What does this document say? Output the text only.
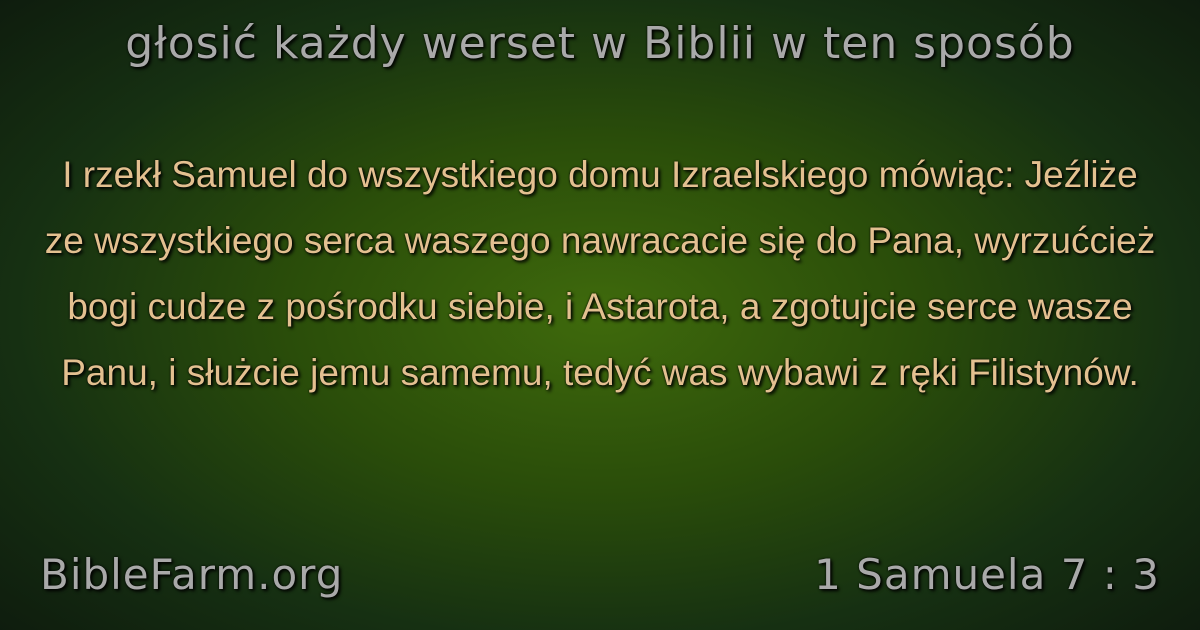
głosić każdy werset w Biblii w ten sposób
I rzekł Samuel do wszystkiego domu Izraelskiego mówiąc: Jeźliże ze wszystkiego serca waszego nawracacie się do Pana, wyrzućcież bogi cudze z pośrodku siebie, i Astarota, a zgotujcie serce wasze Panu, i służcie jemu samemu, tedyć was wybawi z ręki Filistynów.
BibleFarm.org	1 Samuela 7 : 3
